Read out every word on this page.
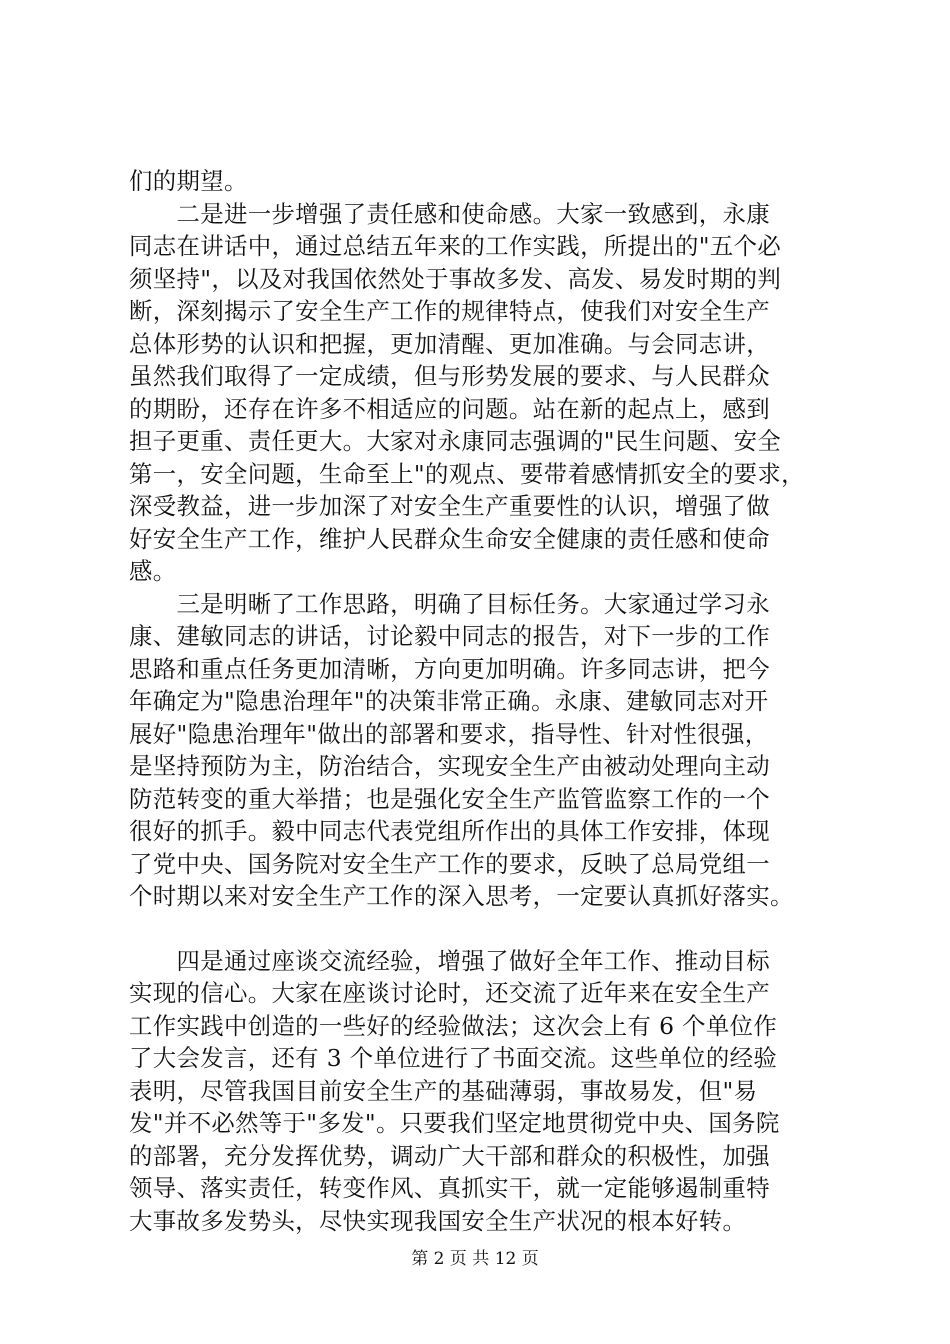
们的期望。
　　二是进一步增强了责任感和使命感。大家一致感到，永康
同志在讲话中，通过总结五年来的工作实践，所提出的"五个必
须坚持"，以及对我国依然处于事故多发、高发、易发时期的判
断，深刻揭示了安全生产工作的规律特点，使我们对安全生产
总体形势的认识和把握，更加清醒、更加准确。与会同志讲，
虽然我们取得了一定成绩，但与形势发展的要求、与人民群众
的期盼，还存在许多不相适应的问题。站在新的起点上，感到
担子更重、责任更大。大家对永康同志强调的"民生问题、安全
第一，安全问题，生命至上"的观点、要带着感情抓安全的要求，
深受教益，进一步加深了对安全生产重要性的认识，增强了做
好安全生产工作，维护人民群众生命安全健康的责任感和使命
感。
　　三是明晰了工作思路，明确了目标任务。大家通过学习永
康、建敏同志的讲话，讨论毅中同志的报告，对下一步的工作
思路和重点任务更加清晰，方向更加明确。许多同志讲，把今
年确定为"隐患治理年"的决策非常正确。永康、建敏同志对开
展好"隐患治理年"做出的部署和要求，指导性、针对性很强，
是坚持预防为主，防治结合，实现安全生产由被动处理向主动
防范转变的重大举措；也是强化安全生产监管监察工作的一个
很好的抓手。毅中同志代表党组所作出的具体工作安排，体现
了党中央、国务院对安全生产工作的要求，反映了总局党组一
个时期以来对安全生产工作的深入思考，一定要认真抓好落实。
　　四是通过座谈交流经验，增强了做好全年工作、推动目标
实现的信心。大家在座谈讨论时，还交流了近年来在安全生产
工作实践中创造的一些好的经验做法；这次会上有 6 个单位作
了大会发言，还有 3 个单位进行了书面交流。这些单位的经验
表明，尽管我国目前安全生产的基础薄弱，事故易发，但"易
发"并不必然等于"多发"。只要我们坚定地贯彻党中央、国务院
的部署，充分发挥优势，调动广大干部和群众的积极性，加强
领导、落实责任，转变作风、真抓实干，就一定能够遏制重特
大事故多发势头，尽快实现我国安全生产状况的根本好转。
第 2 页 共 12 页
